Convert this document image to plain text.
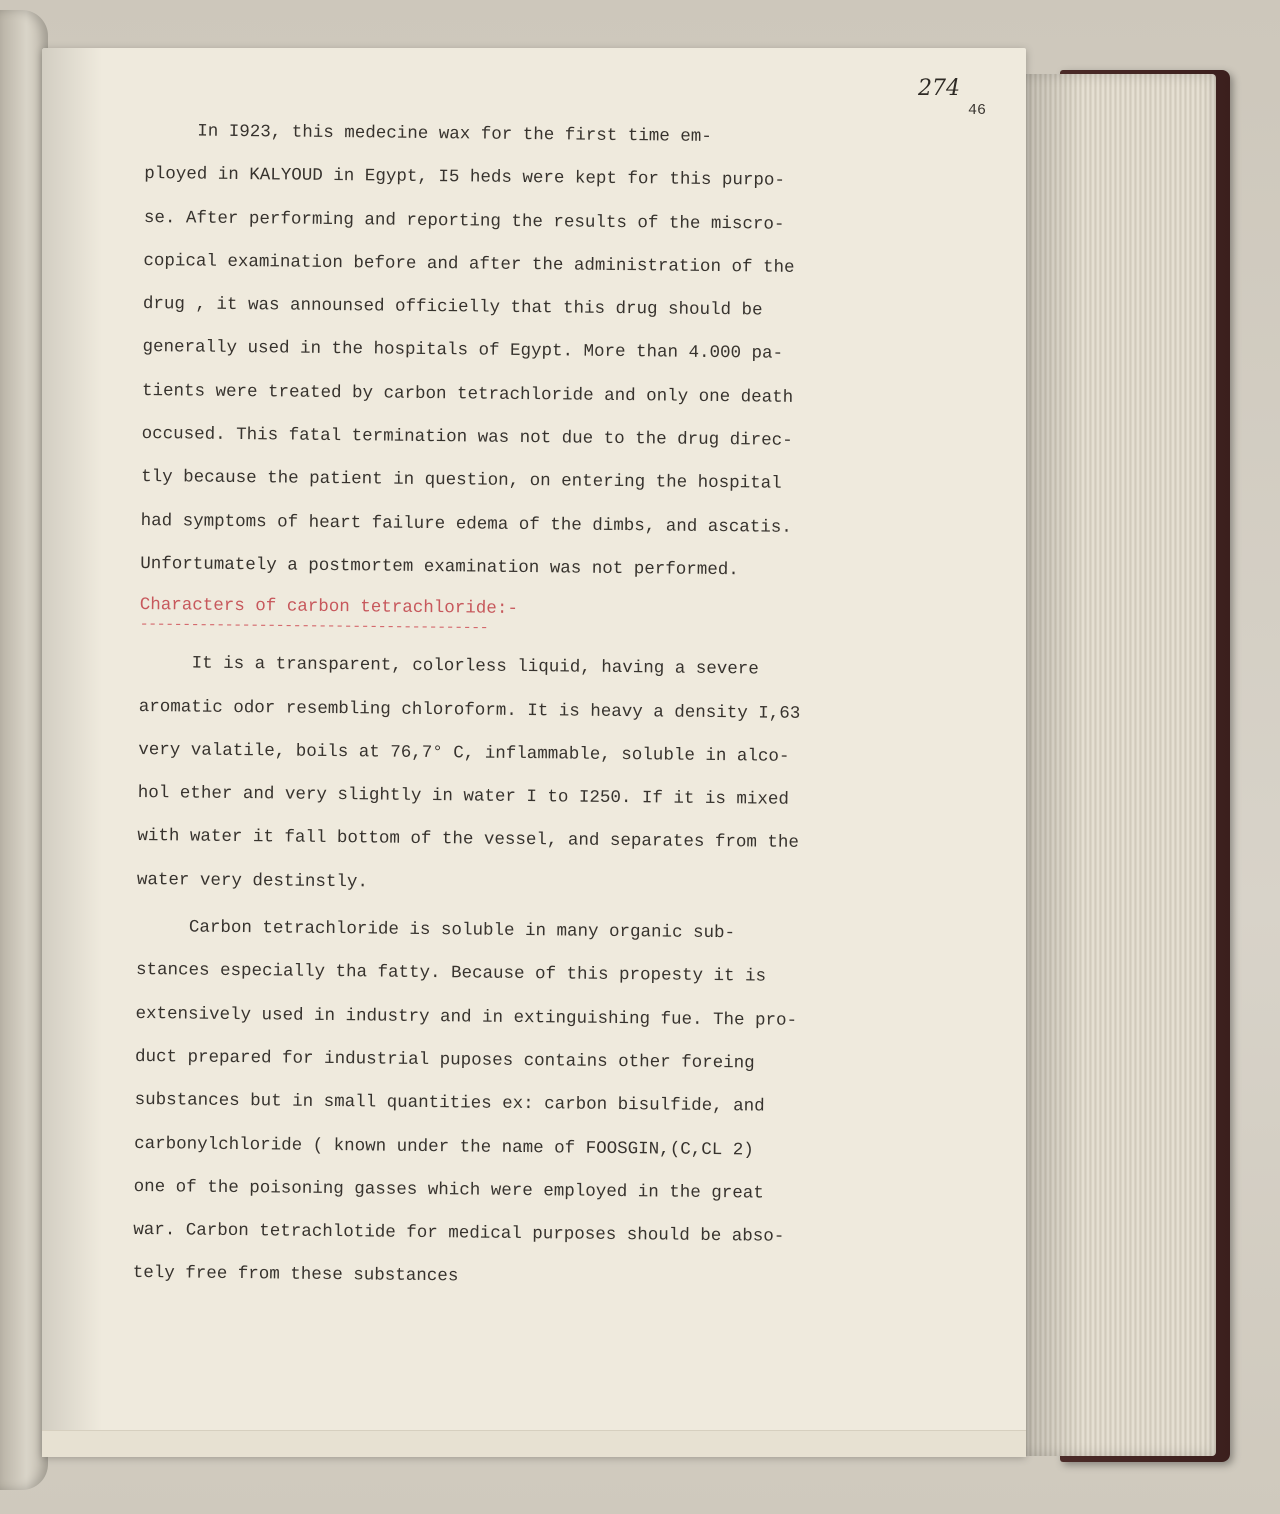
274
46
In I923, this medecine wax for the first time em-
ployed in KALYOUD in Egypt, I5 heds were kept for this purpo-
se. After performing and reporting the results of the miscro-
copical examination before and after the administration of the
drug , it was announsed officielly that this drug should be
generally used in the hospitals of Egypt. More than 4.000 pa-
tients were treated by carbon tetrachloride and only one death
occused. This fatal termination was not due to the drug direc-
tly because the patient in question, on entering the hospital
had symptoms of heart failure edema of the dimbs, and ascatis.
Unfortumately a postmortem examination was not performed.
Characters of carbon tetrachloride:-
-----------------------------------------
It is a transparent, colorless liquid, having a severe
aromatic odor resembling chloroform. It is heavy a density I,63
very valatile, boils at 76,7° C, inflammable, soluble in alco-
hol ether and very slightly in water I to I250. If it is mixed
with water it fall bottom of the vessel, and separates from the
water very destinstly.
Carbon tetrachloride is soluble in many organic sub-
stances especially tha fatty. Because of this propesty it is
extensively used in industry and in extinguishing fue. The pro-
duct prepared for industrial puposes contains other foreing
substances but in small quantities ex: carbon bisulfide, and
carbonylchloride ( known under the name of FOOSGIN,(C,CL 2)
one of the poisoning gasses which were employed in the great
war. Carbon tetrachlotide for medical purposes should be abso-
tely free from these substances
